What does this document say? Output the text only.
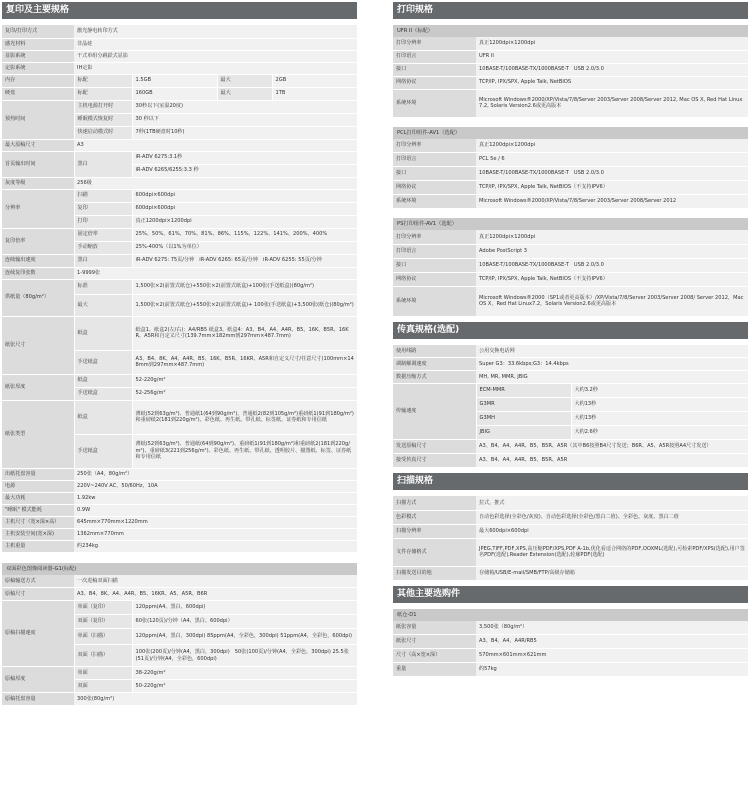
复印及主要规格
复印/打印方式	激光静电转印方式			
感光材料	非晶硅			
显影系统	干式单组分跳跃式显影			
定影系统	IH定影			
内存	标配	1.5GB	最大	2GB
硬盘	标配	160GB	最大	1TB
预热时间	主机电源打开时	30秒以下(室温20度)		
	睡眠模式恢复时	30 秒以下		
	快速启动模式时	7秒(1TB硬盘时10秒)		
最大原稿尺寸	A3			
首页输出时间	黑白	iR-ADV 6275:3.1秒		
		iR-ADV 6265/6255:3.3 秒		
灰度等级	256级			
分辨率	扫描	600dpi×600dpi		
	复印	600dpi×600dpi		
	打印	真正1200dpi×1200dpi		
复印倍率	固定倍率	25%、50%、61%、70%、81%、86%、115%、122%、141%、200%、400%		
	手动缩放	25%-400%（以1%为单位）		
连续输出速度	黑白	iR-ADV 6275: 75页/分钟　iR-ADV 6265: 65页/分钟　iR-ADV 6255: 55页/分钟		
连续复印张数	1-9999张			
供纸量（80g/m²）	标准	1,500张×2(前置式纸仓)+550张×2(前置式纸盒)+100张(手送纸盒)(80g/m²)		
	最大	1,500张×2(前置式纸仓)+550张×2(前置式纸盒)+ 100张(手送纸盒)+3,500张(纸仓)(80g/m²)		
纸张尺寸	纸盒	纸盒1、纸盒2(左/右)：A4/RB5 纸盒3、纸盒4：A3、B4、A4、A4R、B5、16K、B5R、16KR、A5R和自定义尺寸(139.7mm×182mm到297mm×487.7mm)		
	手送纸盒	A3、B4、8K、A4、A4R、B5、16K、B5R、16KR、A5R和自定义尺寸/任意尺寸(100mm×148mm到297mm×487.7mm)		
纸张厚度	纸盒	52-220g/m²		
	手送纸盒	52-256g/m²		
纸张类型	纸盒	薄纸(52到63g/m²)、普通纸1(64到90g/m²)、普通纸2(82到105g/m²)重磅纸1(91到180g/m²)和重磅纸2(181到220g/m²)、彩色纸、再生纸、带孔纸、标签纸、证券纸和专用信纸		
	手送纸盒	薄纸(52到63g/m²)、普通纸(64到90g/m²)、重磅纸1(91到180g/m²)和重磅纸2(181到220g/m²)、重磅纸3(221到256g/m²)、彩色纸、再生纸、带孔纸、透明胶片、描图纸、标签、证券纸和专用信纸		
出纸托盘容量	250张（A4，80g/m²）			
电源	220V~240V AC，50/60Hz，10A			
最大功耗	1.92kw			
"睡眠" 模式能耗	0.9W			
主机尺寸（宽×深×高）	645mm×770mm×1220mm			
主机安装空间(宽×深)	1362mm×770mm			
主机重量	约234kg			
双面彩色图像阅读器-G1(标配)
原稿输送方式	一次进稿双面扫描	
原稿尺寸	A3、B4、8K、A4、A4R、B5、16KR、A5、A5R、B6R	
原稿扫描速度	单面（复印）	120ppm(A4、黑白、600dpi)
	双面（复印）	60张(120页)/分钟（A4、黑白、600dpi）
	单面（扫描）	120ppm(A4，黑白，300dpi) 85ppm(A4，全彩色，300dpi) 51ppm(A4，全彩色，600dpi)
	双面（扫描）	100张(200页)/分钟(A4，黑白，300dpi)　50张(100页)/分钟(A4，全彩色，300dpi) 25.5张(51页)/分钟(A4，全彩色，600dpi)
原稿厚度	单面	38-220g/m²
	双面	50-220g/m²
原稿托盘容量	300张(80g/m²)	
打印规格
UFR II（标配）
打印分辨率	真正1200dpi×1200dpi
打印语言	UFR II
接口	10BASE-T/100BASE-TX/1000BASE-T　USB 2.0/3.0
网络协议	TCP/IP, IPX/SPX, Apple Talk, NetBIOS
系统环境	Microsoft Windows®2000/XP/Vista/7/8/Server 2003/Server 2008/Server 2012, Mac OS X, Red Hat Linux7.2, Solaris Version2.6或更高版本
PCL打印组件-AV1（选配）
打印分辨率	真正1200dpi×1200dpi
打印语言	PCL 5e / 6
接口	10BASE-T/100BASE-TX/1000BASE-T　USB 2.0/3.0
网络协议	TCP/IP, IPX/SPX, Apple Talk, NetBIOS（不支持IPV6）
系统环境	Microsoft Windows®2000/XP/Vista/7/8/Server 2003/Server 2008/Server 2012
PS打印组件-AV1（选配）
打印分辨率	真正1200dpi×1200dpi
打印语言	Adobe PostScript 3
接口	10BASE-T/100BASE-TX/1000BASE-T　USB 2.0/3.0
网络协议	TCP/IP, IPX/SPX, Apple Talk, NetBIOS（不支持IPV6）
系统环境	Microsoft Windows®2000（SP1或者更高版本）/XP/Vista/7/8/Server 2003/Server 2008/ Server 2012，Mac OS X，Red Hat Linux7.2，Solaris Version2.6或更高版本
传真规格(选配)
使用线路	公用交换电话网	
调制解调速度	Super G3：33.6kbps;G3：14.4kbps	
数据压缩方式	MH, MR, MMR, JBIG	
传输速度	ECM-MMR	大约3.2秒
	G3MR	大约13秒
	G3MH	大约13秒
	JBIG	大约2.6秒
发送原稿尺寸	A3、B4、A4、A4R、B5、B5R、A5R（其中B6按照B4尺寸发送；B6R、A5、A5R按照A4尺寸发送）	
接受传真尺寸	A3、B4、A4、A4R、B5、B5R、A5R	
扫描规格
扫描方式	拉式，推式
色彩模式	自动色彩选择(全彩色/灰度)、自动色彩选择(全彩色/黑白二值)、全彩色、灰度、黑白二值
扫描分辨率	最大600dpi×600dpi
文件存储格式	JPEG,TIFF,PDF,XPS,高压缩PDF/XPS,PDF A-1b,优化看适合网络的PDF,OOXML(选配),可检索PDF/XPS(选配),用户签名PDF(选配),Reader Extension(选配),轮廓PDF(选配)
扫描发送目的地	存储箱/USB/E-mail/SMB/FTP/高级存储箱
其他主要选购件
纸仓-D1
纸张容量	3,500张（80g/m²）
纸张尺寸	A3、B4、A4、A4R/RB5
尺寸（高×宽×深）	570mm×601mm×621mm
重量	约57kg
